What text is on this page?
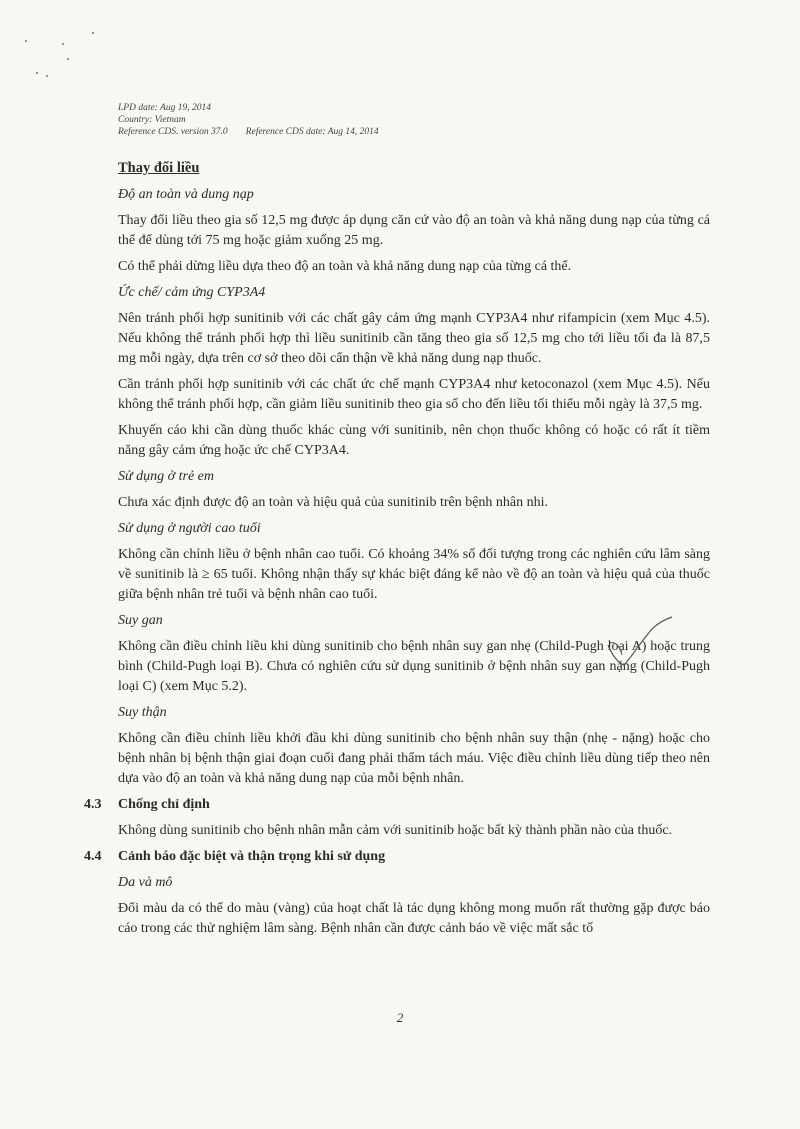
LPD date: Aug 19, 2014
Country: Vietnam
Reference CDS. version 37.0 Reference CDS date: Aug 14, 2014
Thay đổi liều
Độ an toàn và dung nạp

Thay đổi liều theo gia số 12,5 mg được áp dụng căn cứ vào độ an toàn và khả năng dung nạp của từng cá thể để dùng tới 75 mg hoặc giảm xuống 25 mg.

Có thể phải dừng liều dựa theo độ an toàn và khả năng dung nạp của từng cá thể.

Ức chế/ cảm ứng CYP3A4

Nên tránh phối hợp sunitinib với các chất gây cảm ứng mạnh CYP3A4 như rifampicin (xem Mục 4.5). Nếu không thể tránh phối hợp thì liều sunitinib cần tăng theo gia số 12,5 mg cho tới liều tối đa là 87,5 mg mỗi ngày, dựa trên cơ sở theo dõi cẩn thận về khả năng dung nạp thuốc.

Cần tránh phối hợp sunitinib với các chất ức chế mạnh CYP3A4 như ketoconazol (xem Mục 4.5). Nếu không thể tránh phối hợp, cần giảm liều sunitinib theo gia số cho đến liều tối thiểu mỗi ngày là 37,5 mg.

Khuyến cáo khi cần dùng thuốc khác cùng với sunitinib, nên chọn thuốc không có hoặc có rất ít tiềm năng gây cảm ứng hoặc ức chế CYP3A4.

Sử dụng ở trẻ em

Chưa xác định được độ an toàn và hiệu quả của sunitinib trên bệnh nhân nhi.

Sử dụng ở người cao tuổi

Không cần chỉnh liều ở bệnh nhân cao tuổi. Có khoảng 34% số đối tượng trong các nghiên cứu lâm sàng về sunitinib là ≥ 65 tuổi. Không nhận thấy sự khác biệt đáng kể nào về độ an toàn và hiệu quả của thuốc giữa bệnh nhân trẻ tuổi và bệnh nhân cao tuổi.

Suy gan

Không cần điều chỉnh liều khi dùng sunitinib cho bệnh nhân suy gan nhẹ (Child-Pugh loại A) hoặc trung bình (Child-Pugh loại B). Chưa có nghiên cứu sử dụng sunitinib ở bệnh nhân suy gan nặng (Child-Pugh loại C) (xem Mục 5.2).

Suy thận

Không cần điều chỉnh liều khởi đầu khi dùng sunitinib cho bệnh nhân suy thận (nhẹ - nặng) hoặc cho bệnh nhân bị bệnh thận giai đoạn cuối đang phải thẩm tách máu. Việc điều chỉnh liều dùng tiếp theo nên dựa vào độ an toàn và khả năng dung nạp của mỗi bệnh nhân.

4.3 Chống chỉ định

Không dùng sunitinib cho bệnh nhân mẫn cảm với sunitinib hoặc bất kỳ thành phần nào của thuốc.

4.4 Cảnh báo đặc biệt và thận trọng khi sử dụng
Da và mô

Đổi màu da có thể do màu (vàng) của hoạt chất là tác dụng không mong muốn rất thường gặp được báo cáo trong các thử nghiệm lâm sàng. Bệnh nhân cần được cảnh báo về việc mất sắc tố

2
